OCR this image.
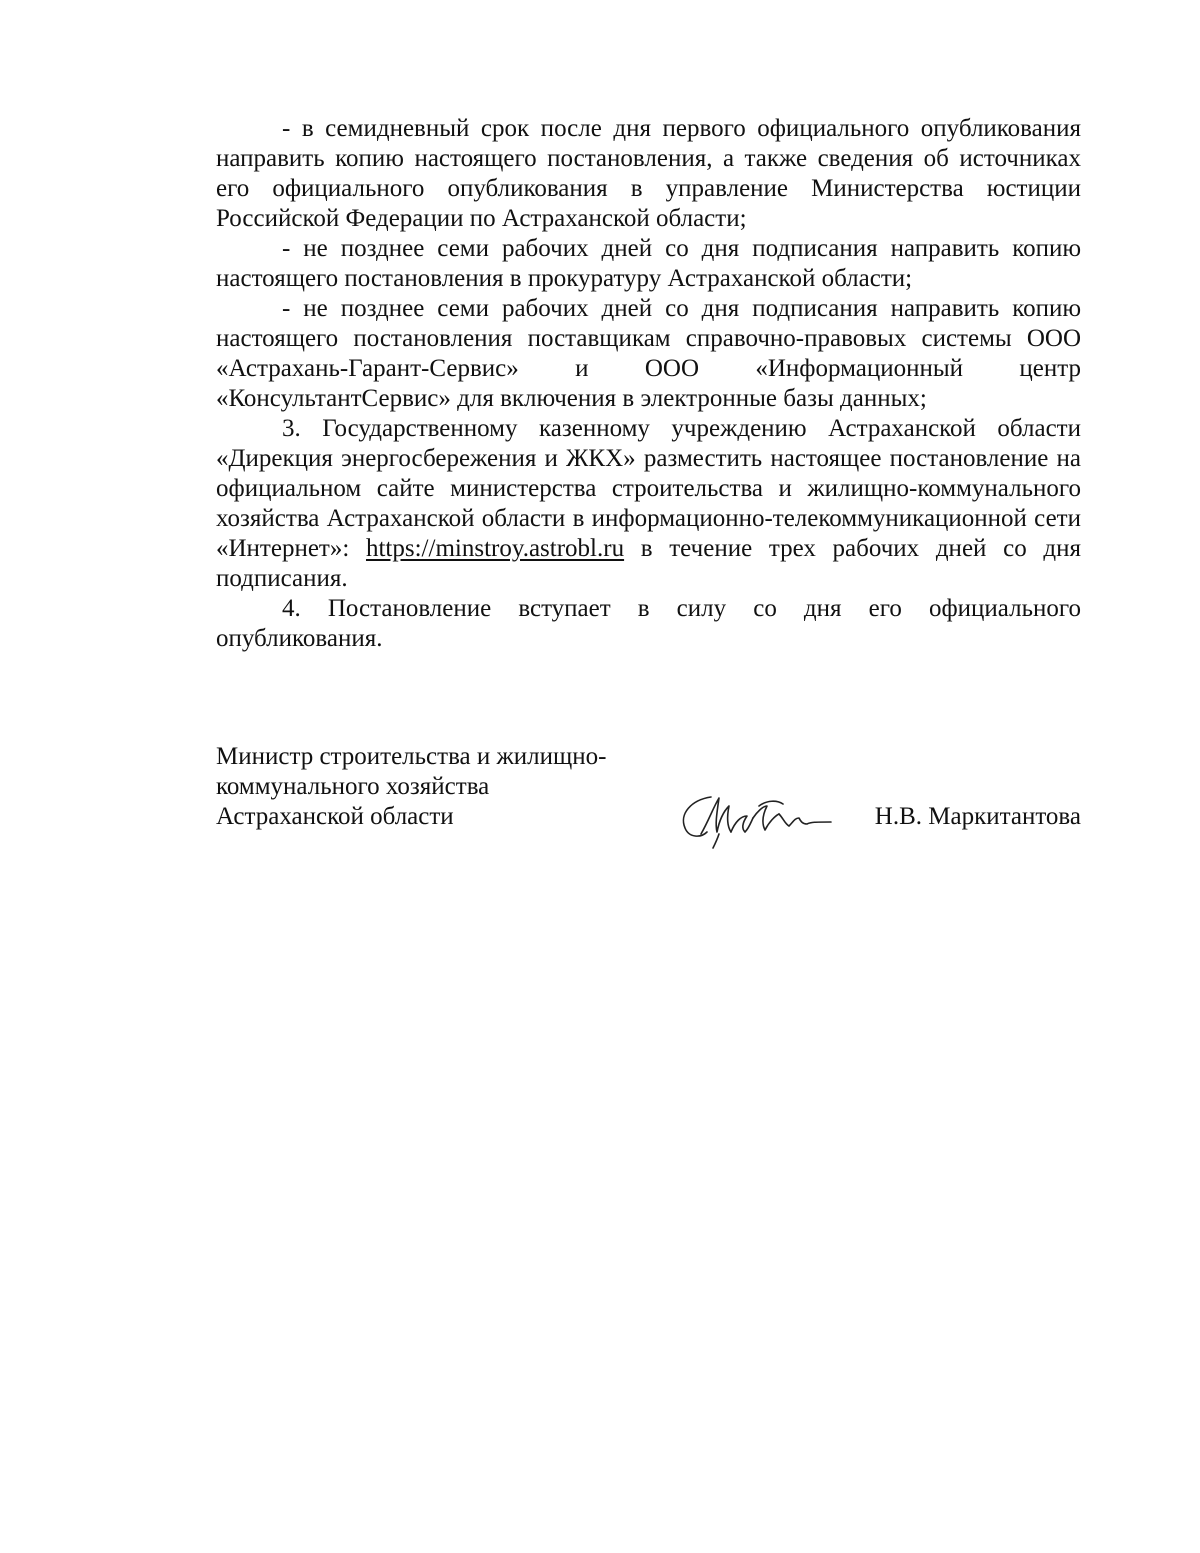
- в семидневный срок после дня первого официального опубликования направить копию настоящего постановления, а также сведения об источниках его официального опубликования в управление Министерства юстиции Российской Федерации по Астраханской области;

- не позднее семи рабочих дней со дня подписания направить копию настоящего постановления в прокуратуру Астраханской области;

- не позднее семи рабочих дней со дня подписания направить копию настоящего постановления поставщикам справочно-правовых системы ООО «Астрахань-Гарант-Сервис» и ООО «Информационный центр «КонсультантСервис» для включения в электронные базы данных;

3. Государственному казенному учреждению Астраханской области «Дирекция энергосбережения и ЖКХ» разместить настоящее постановление на официальном сайте министерства строительства и жилищно-коммунального хозяйства Астраханской области в информационно-телекоммуникационной сети «Интернет»: https://minstroy.astrobl.ru в течение трех рабочих дней со дня подписания.

4. Постановление вступает в силу со дня его официального опубликования.

Министр строительства и жилищно-
коммунального хозяйства
Астраханской области	Н.В. Маркитантова
